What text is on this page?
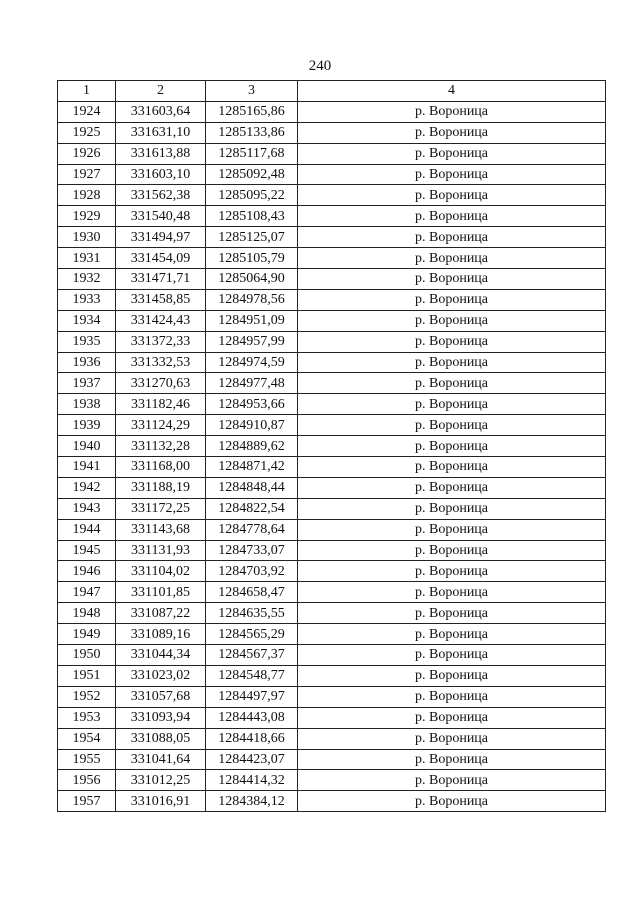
240
1	2	3	4
1924	331603,64	1285165,86	р. Вороница
1925	331631,10	1285133,86	р. Вороница
1926	331613,88	1285117,68	р. Вороница
1927	331603,10	1285092,48	р. Вороница
1928	331562,38	1285095,22	р. Вороница
1929	331540,48	1285108,43	р. Вороница
1930	331494,97	1285125,07	р. Вороница
1931	331454,09	1285105,79	р. Вороница
1932	331471,71	1285064,90	р. Вороница
1933	331458,85	1284978,56	р. Вороница
1934	331424,43	1284951,09	р. Вороница
1935	331372,33	1284957,99	р. Вороница
1936	331332,53	1284974,59	р. Вороница
1937	331270,63	1284977,48	р. Вороница
1938	331182,46	1284953,66	р. Вороница
1939	331124,29	1284910,87	р. Вороница
1940	331132,28	1284889,62	р. Вороница
1941	331168,00	1284871,42	р. Вороница
1942	331188,19	1284848,44	р. Вороница
1943	331172,25	1284822,54	р. Вороница
1944	331143,68	1284778,64	р. Вороница
1945	331131,93	1284733,07	р. Вороница
1946	331104,02	1284703,92	р. Вороница
1947	331101,85	1284658,47	р. Вороница
1948	331087,22	1284635,55	р. Вороница
1949	331089,16	1284565,29	р. Вороница
1950	331044,34	1284567,37	р. Вороница
1951	331023,02	1284548,77	р. Вороница
1952	331057,68	1284497,97	р. Вороница
1953	331093,94	1284443,08	р. Вороница
1954	331088,05	1284418,66	р. Вороница
1955	331041,64	1284423,07	р. Вороница
1956	331012,25	1284414,32	р. Вороница
1957	331016,91	1284384,12	р. Вороница
